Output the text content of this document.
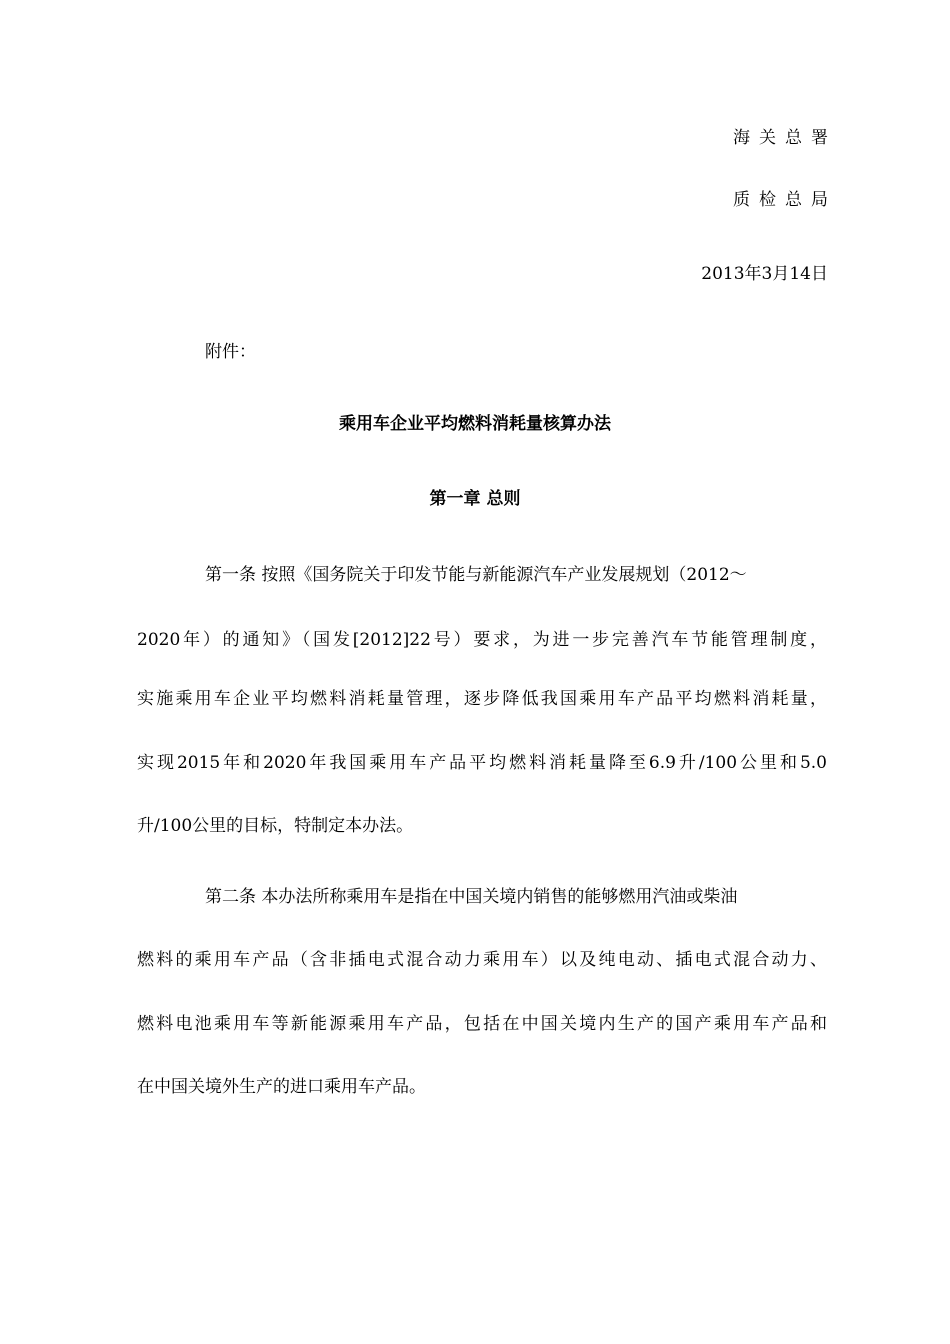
海关总署
质检总局
2013年3月14日
附件：
乘用车企业平均燃料消耗量核算办法
第一章 总则
第一条 按照《国务院关于印发节能与新能源汽车产业发展规划（2012～
2020年）的通知》（国发[2012]22号）要求，为进一步完善汽车节能管理制度，
实施乘用车企业平均燃料消耗量管理，逐步降低我国乘用车产品平均燃料消耗量，
实现2015年和2020年我国乘用车产品平均燃料消耗量降至6.9升/100公里和5.0
升/100公里的目标，特制定本办法。
第二条 本办法所称乘用车是指在中国关境内销售的能够燃用汽油或柴油
燃料的乘用车产品（含非插电式混合动力乘用车）以及纯电动、插电式混合动力、
燃料电池乘用车等新能源乘用车产品，包括在中国关境内生产的国产乘用车产品和
在中国关境外生产的进口乘用车产品。
